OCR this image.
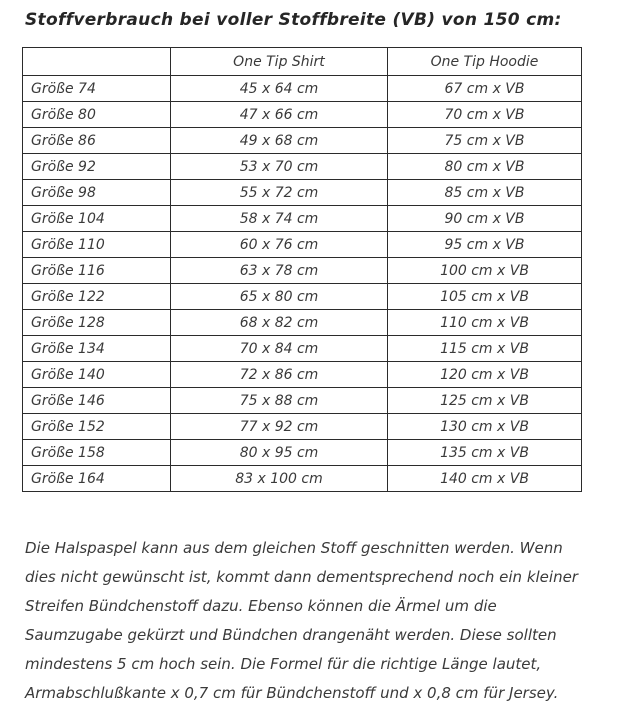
Stoffverbrauch bei voller Stoffbreite (VB) von 150 cm:
	One Tip Shirt	One Tip Hoodie
Größe 74	45 x 64 cm	67 cm x VB
Größe 80	47 x 66 cm	70 cm x VB
Größe 86	49 x 68 cm	75 cm x VB
Größe 92	53 x 70 cm	80 cm x VB
Größe 98	55 x 72 cm	85 cm x VB
Größe 104	58 x 74 cm	90 cm x VB
Größe 110	60 x 76 cm	95 cm x VB
Größe 116	63 x 78 cm	100 cm x VB
Größe 122	65 x 80 cm	105 cm x VB
Größe 128	68 x 82 cm	110 cm x VB
Größe 134	70 x 84 cm	115 cm x VB
Größe 140	72 x 86 cm	120 cm x VB
Größe 146	75 x 88 cm	125 cm x VB
Größe 152	77 x 92 cm	130 cm x VB
Größe 158	80 x 95 cm	135 cm x VB
Größe 164	83 x 100 cm	140 cm x VB

Die Halspaspel kann aus dem gleichen Stoff geschnitten werden. Wenn dies nicht gewünscht ist, kommt dann dementsprechend noch ein kleiner Streifen Bündchenstoff dazu. Ebenso können die Ärmel um die Saumzugabe gekürzt und Bündchen drangenäht werden. Diese sollten mindestens 5 cm hoch sein. Die Formel für die richtige Länge lautet, Armabschlußkante x 0,7 cm für Bündchenstoff und x 0,8 cm für Jersey.
